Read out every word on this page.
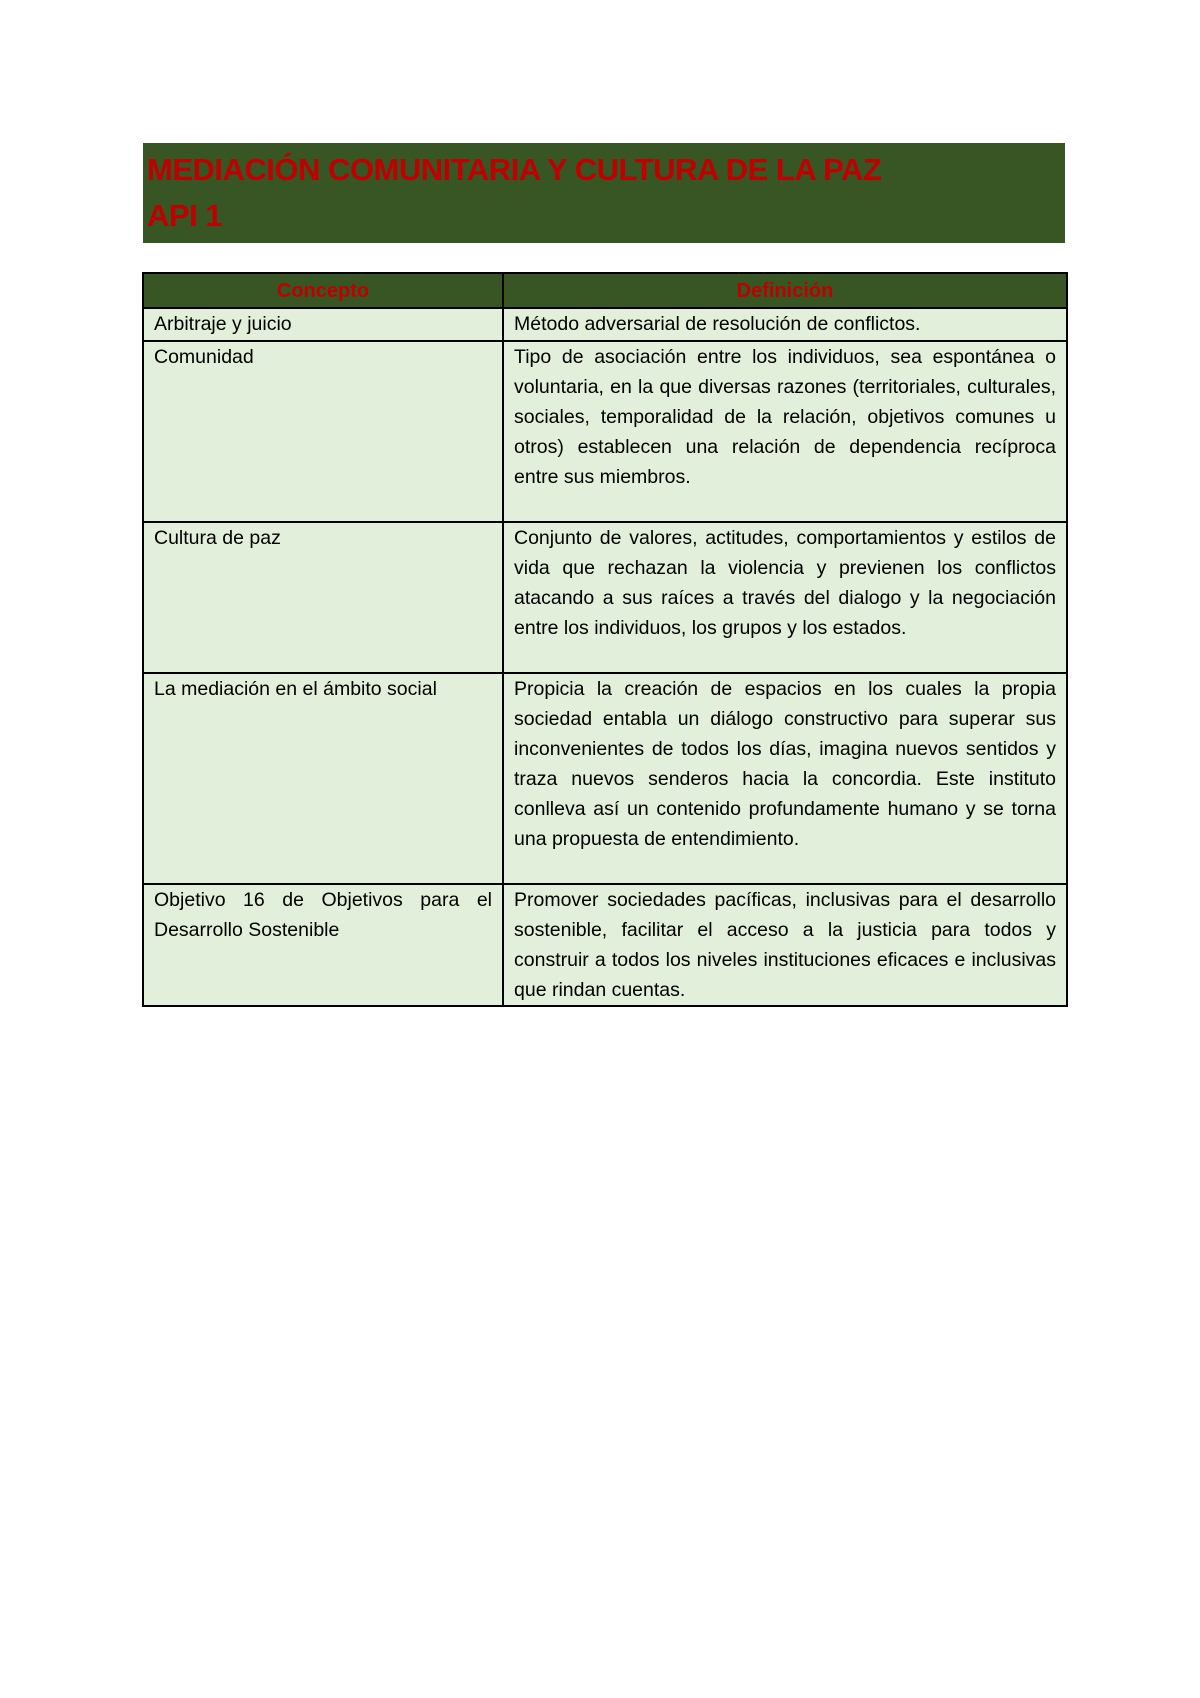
MEDIACIÓN COMUNITARIA Y CULTURA DE LA PAZ

API 1

Concepto	Definición
Arbitraje y juicio	Método adversarial de resolución de conflictos.
Comunidad	Tipo de asociación entre los individuos, sea espontánea o voluntaria, en la que diversas razones (territoriales, culturales, sociales, temporalidad de la relación, objetivos comunes u otros) establecen una relación de dependencia recíproca entre sus miembros.
Cultura de paz	Conjunto de valores, actitudes, comportamientos y estilos de vida que rechazan la violencia y previenen los conflictos atacando a sus raíces a través del dialogo y la negociación entre los individuos, los grupos y los estados.
La mediación en el ámbito social	Propicia la creación de espacios en los cuales la propia sociedad entabla un diálogo constructivo para superar sus inconvenientes de todos los días, imagina nuevos sentidos y traza nuevos senderos hacia la concordia. Este instituto conlleva así un contenido profundamente humano y se torna una propuesta de entendimiento.
Objetivo 16 de Objetivos para el Desarrollo Sostenible	Promover sociedades pacíficas, inclusivas para el desarrollo sostenible, facilitar el acceso a la justicia para todos y construir a todos los niveles instituciones eficaces e inclusivas que rindan cuentas.
